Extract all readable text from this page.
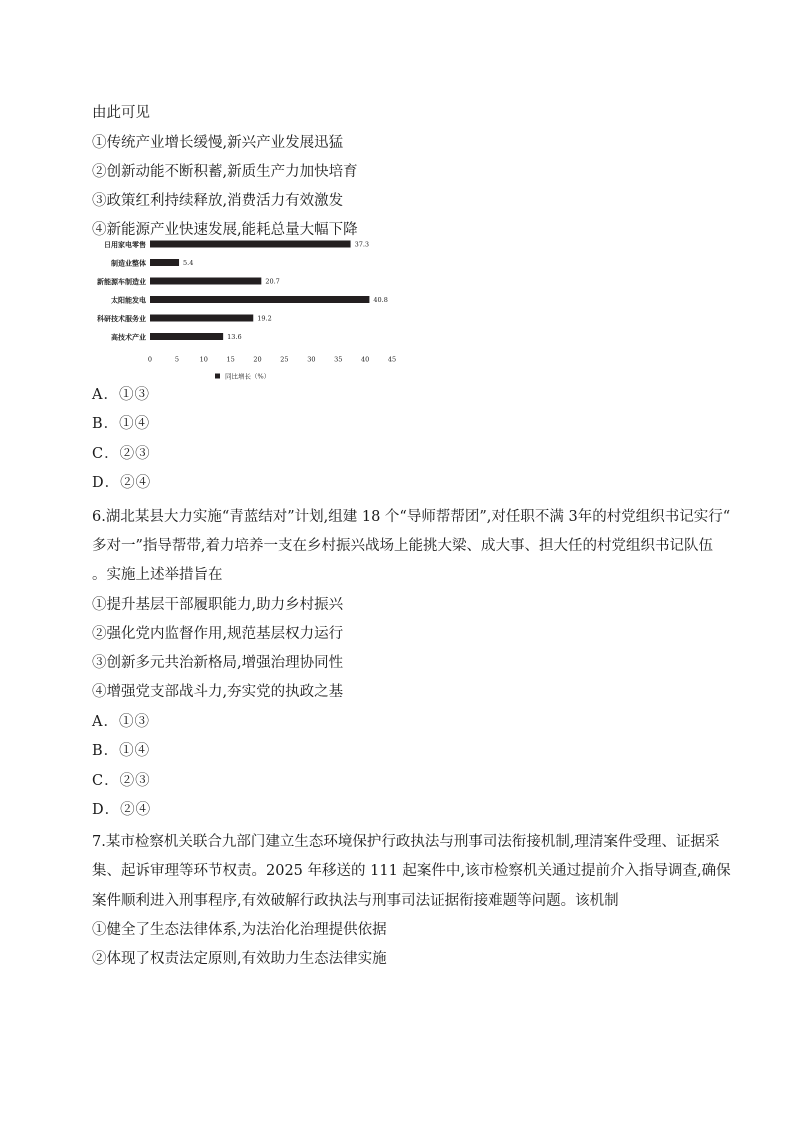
由此可见
①传统产业增长缓慢,新兴产业发展迅猛
②创新动能不断积蓄,新质生产力加快培育
③政策红利持续释放,消费活力有效激发
④新能源产业快速发展,能耗总量大幅下降
日用家电零售
制造业整体
新能源车制造业
太阳能发电
科研技术服务业
高技术产业
37.3
5.4
20.7
40.8
19.2
13.6
0	5	10	15	20	25	30	35	40	45
同比增长（%）
A．①③
B．①④
C．②③
D．②④
6.湖北某县大力实施“青蓝结对”计划,组建 18 个“导师帮帮团”,对任职不满 3年的村党组织书记实行“
多对一”指导帮带,着力培养一支在乡村振兴战场上能挑大梁、成大事、担大任的村党组织书记队伍
。实施上述举措旨在
①提升基层干部履职能力,助力乡村振兴
②强化党内监督作用,规范基层权力运行
③创新多元共治新格局,增强治理协同性
④增强党支部战斗力,夯实党的执政之基
A．①③
B．①④
C．②③
D．②④
7.某市检察机关联合九部门建立生态环境保护行政执法与刑事司法衔接机制,理清案件受理、证据采
集、起诉审理等环节权责。2025 年移送的 111 起案件中,该市检察机关通过提前介入指导调查,确保
案件顺利进入刑事程序,有效破解行政执法与刑事司法证据衔接难题等问题。该机制
①健全了生态法律体系,为法治化治理提供依据
②体现了权责法定原则,有效助力生态法律实施
